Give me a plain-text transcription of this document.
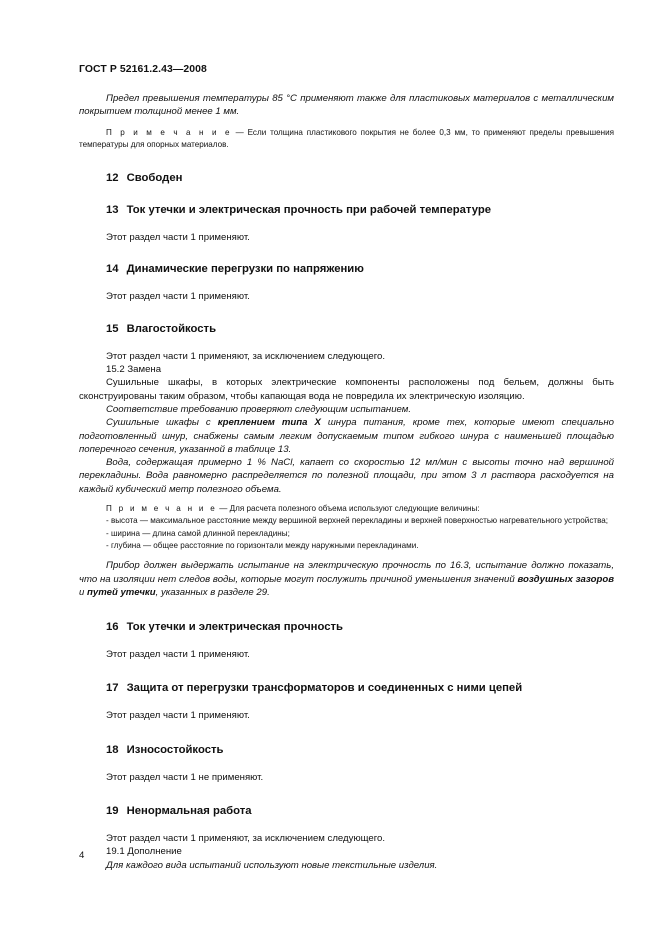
ГОСТ Р 52161.2.43—2008

Предел превышения температуры 85 °С применяют также для пластиковых материалов с металлическим покрытием толщиной менее 1 мм.

П р и м е ч а н и е — Если толщина пластикового покрытия не более 0,3 мм, то применяют пределы превышения температуры для опорных материалов.

12 Свободен
13 Ток утечки и электрическая прочность при рабочей температуре

Этот раздел части 1 применяют.

14 Динамические перегрузки по напряжению

Этот раздел части 1 применяют.

15 Влагостойкость

Этот раздел части 1 применяют, за исключением следующего.

15.2 Замена

Сушильные шкафы, в которых электрические компоненты расположены под бельем, должны быть сконструированы таким образом, чтобы капающая вода не повредила их электрическую изоляцию.

Соответствие требованию проверяют следующим испытанием.

Сушильные шкафы с креплением типа Х шнура питания, кроме тех, которые имеют специально подготовленный шнур, снабжены самым легким допускаемым типом гибкого шнура с наименьшей площадью поперечного сечения, указанной в таблице 13.

Вода, содержащая примерно 1 % NaCl, капает со скоростью 12 мл/мин с высоты точно над вершиной перекладины. Вода равномерно распределяется по полезной площади, при этом 3 л раствора расходуется на каждый кубический метр полезного объема.

П р и м е ч а н и е — Для расчета полезного объема используют следующие величины:

- высота — максимальное расстояние между вершиной верхней перекладины и верхней поверхностью нагревательного устройства;

- ширина — длина самой длинной перекладины;

- глубина — общее расстояние по горизонтали между наружными перекладинами.

Прибор должен выдержать испытание на электрическую прочность по 16.3, испытание должно показать, что на изоляции нет следов воды, которые могут послужить причиной уменьшения значений воздушных зазоров и путей утечки, указанных в разделе 29.

16 Ток утечки и электрическая прочность

Этот раздел части 1 применяют.

17 Защита от перегрузки трансформаторов и соединенных с ними цепей

Этот раздел части 1 применяют.

18 Износостойкость

Этот раздел части 1 не применяют.

19 Ненормальная работа

Этот раздел части 1 применяют, за исключением следующего.

19.1 Дополнение

Для каждого вида испытаний используют новые текстильные изделия.

4
